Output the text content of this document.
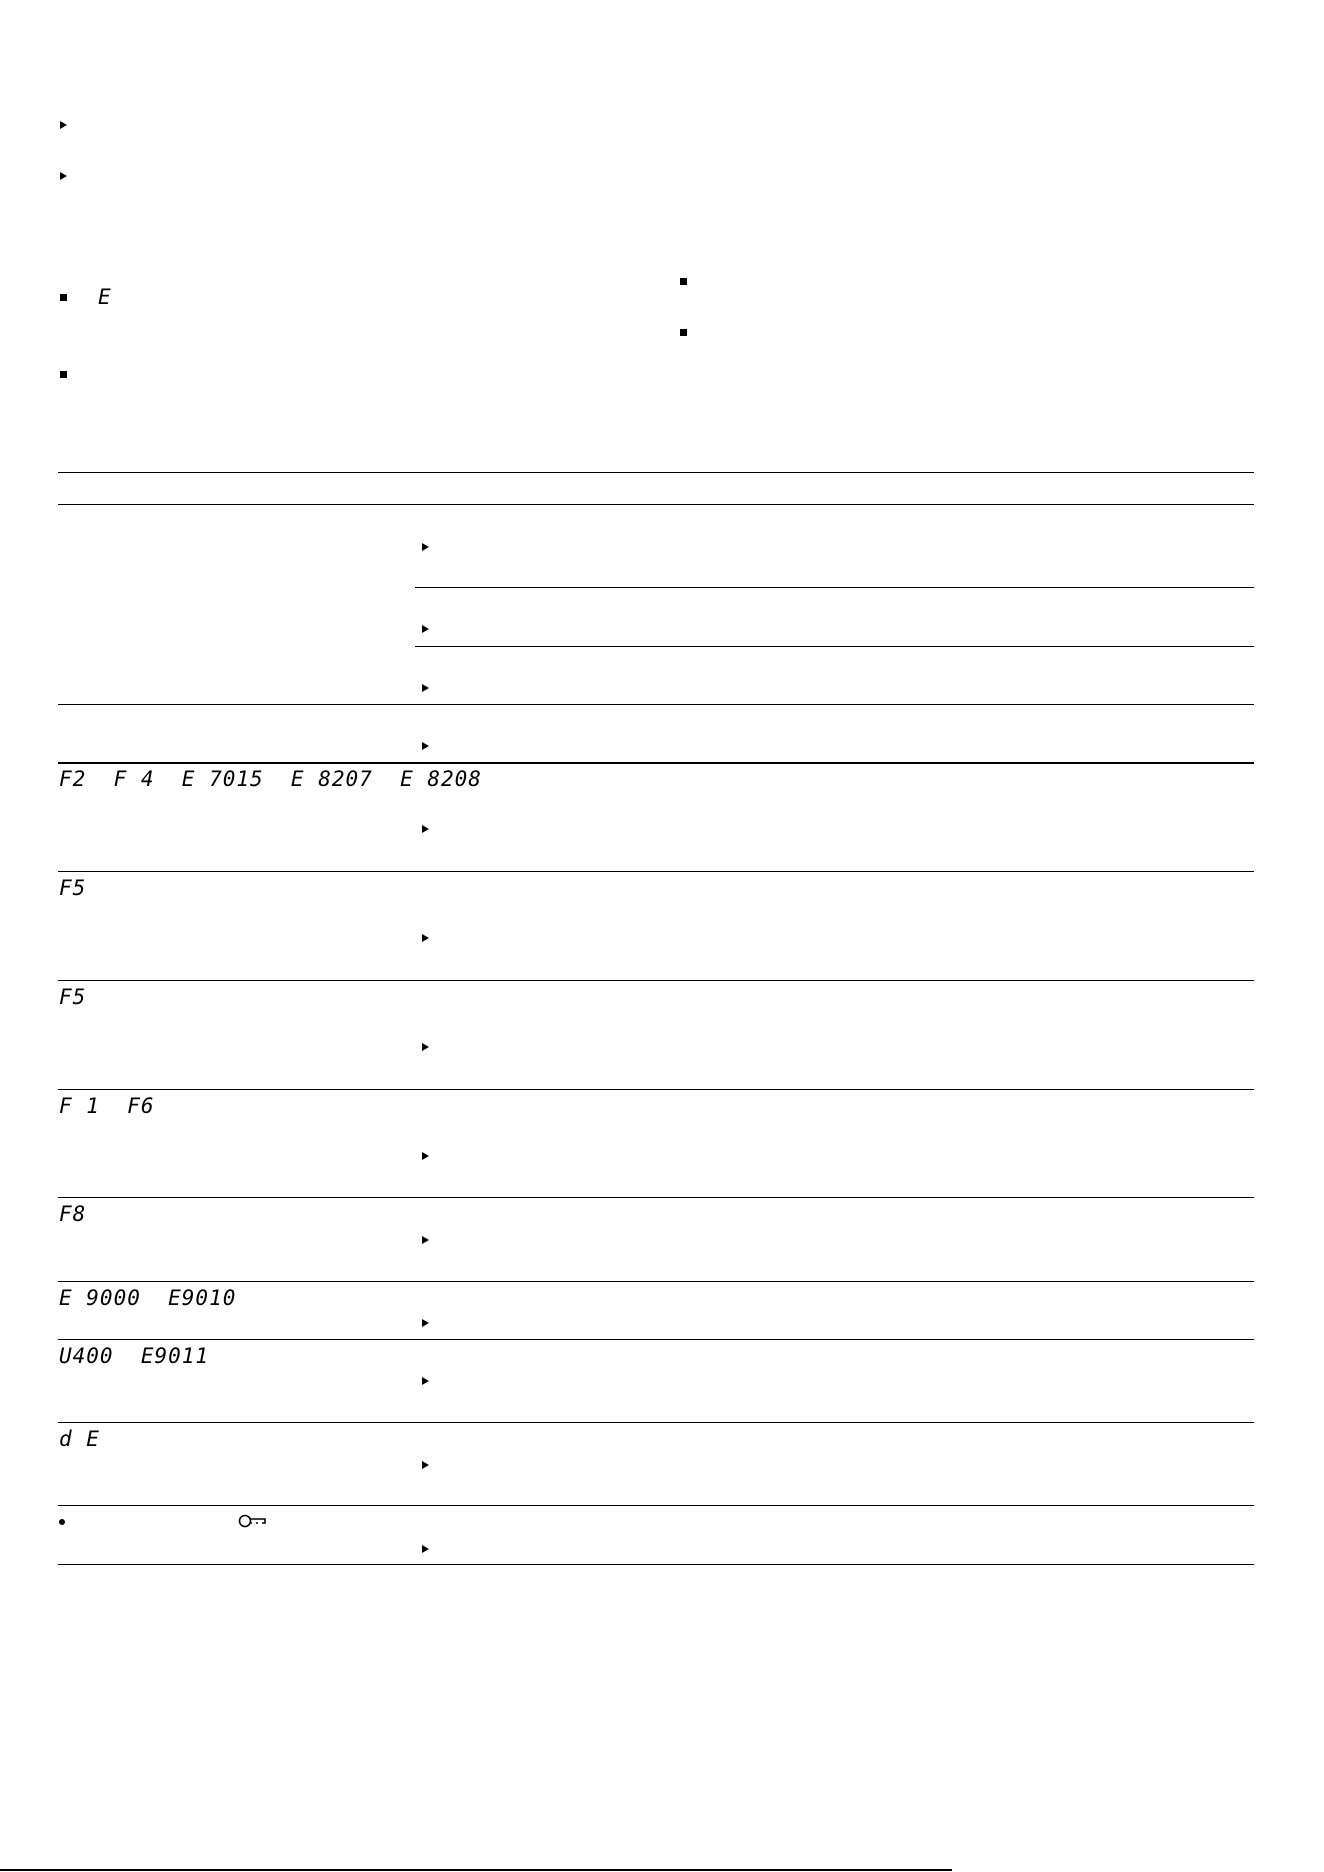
E
F2  F 4  E 7015  E 8207  E 8208
F5
F5
F 1  F6
F8
E 9000  E9010
U400  E9011
d E
